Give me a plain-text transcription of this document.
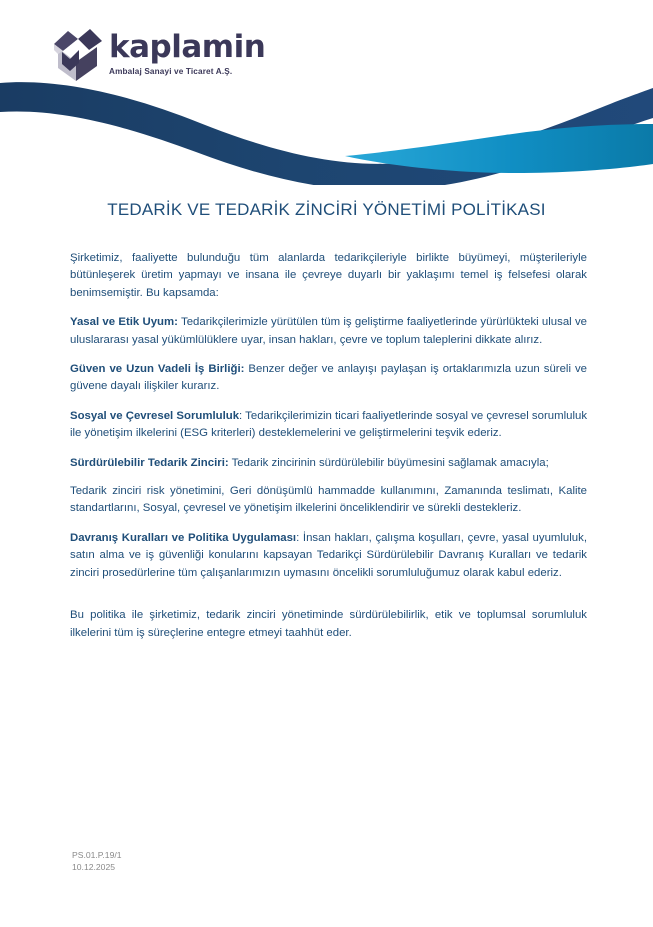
kaplamin
Ambalaj Sanayi ve Ticaret A.Ş.
TEDARİK VE TEDARİK ZİNCİRİ YÖNETİMİ POLİTİKASI

Şirketimiz, faaliyette bulunduğu tüm alanlarda tedarikçileriyle birlikte büyümeyi, müşterileriyle bütünleşerek üretim yapmayı ve insana ile çevreye duyarlı bir yaklaşımı temel iş felsefesi olarak benimsemiştir. Bu kapsamda:

Yasal ve Etik Uyum: Tedarikçilerimizle yürütülen tüm iş geliştirme faaliyetlerinde yürürlükteki ulusal ve uluslararası yasal yükümlülüklere uyar, insan hakları, çevre ve toplum taleplerini dikkate alırız.

Güven ve Uzun Vadeli İş Birliği: Benzer değer ve anlayışı paylaşan iş ortaklarımızla uzun süreli ve güvene dayalı ilişkiler kurarız.

Sosyal ve Çevresel Sorumluluk: Tedarikçilerimizin ticari faaliyetlerinde sosyal ve çevresel sorumluluk ile yönetişim ilkelerini (ESG kriterleri) desteklemelerini ve geliştirmelerini teşvik ederiz.

Sürdürülebilir Tedarik Zinciri: Tedarik zincirinin sürdürülebilir büyümesini sağlamak amacıyla;

Tedarik zinciri risk yönetimini, Geri dönüşümlü hammadde kullanımını, Zamanında teslimatı, Kalite standartlarını, Sosyal, çevresel ve yönetişim ilkelerini önceliklendirir ve sürekli destekleriz.

Davranış Kuralları ve Politika Uygulaması: İnsan hakları, çalışma koşulları, çevre, yasal uyumluluk, satın alma ve iş güvenliği konularını kapsayan Tedarikçi Sürdürülebilir Davranış Kuralları ve tedarik zinciri prosedürlerine tüm çalışanlarımızın uymasını öncelikli sorumluluğumuz olarak kabul ederiz.

Bu politika ile şirketimiz, tedarik zinciri yönetiminde sürdürülebilirlik, etik ve toplumsal sorumluluk ilkelerini tüm iş süreçlerine entegre etmeyi taahhüt eder.

PS.01.P.19/1
10.12.2025
